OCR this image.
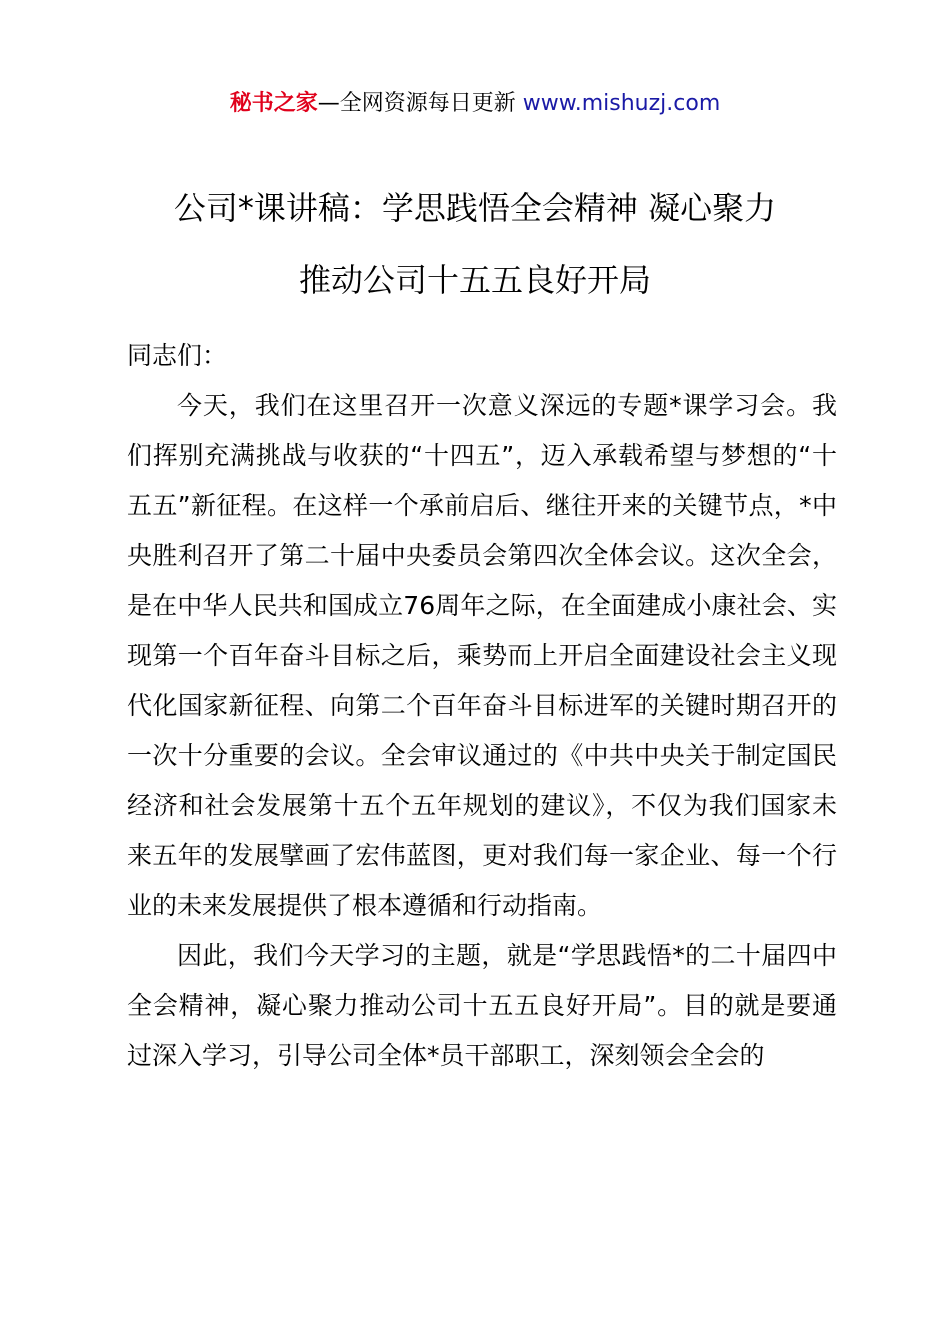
秘书之家—全网资源每日更新 www.mishuzj.com
公司*课讲稿：学思践悟全会精神 凝心聚力
推动公司十五五良好开局
同志们：

今天，我们在这里召开一次意义深远的专题*课学习会。我们挥别充满挑战与收获的“十四五”，迈入承载希望与梦想的“十五五”新征程。在这样一个承前启后、继往开来的关键节点，*中央胜利召开了第二十届中央委员会第四次全体会议。这次全会，是在中华人民共和国成立76周年之际，在全面建成小康社会、实现第一个百年奋斗目标之后，乘势而上开启全面建设社会主义现代化国家新征程、向第二个百年奋斗目标进军的关键时期召开的一次十分重要的会议。全会审议通过的《中共中央关于制定国民经济和社会发展第十五个五年规划的建议》，不仅为我们国家未来五年的发展擘画了宏伟蓝图，更对我们每一家企业、每一个行业的未来发展提供了根本遵循和行动指南。

因此，我们今天学习的主题，就是“学思践悟*的二十届四中全会精神，凝心聚力推动公司十五五良好开局”。目的就是要通过深入学习，引导公司全体*员干部职工，深刻领会全会的
